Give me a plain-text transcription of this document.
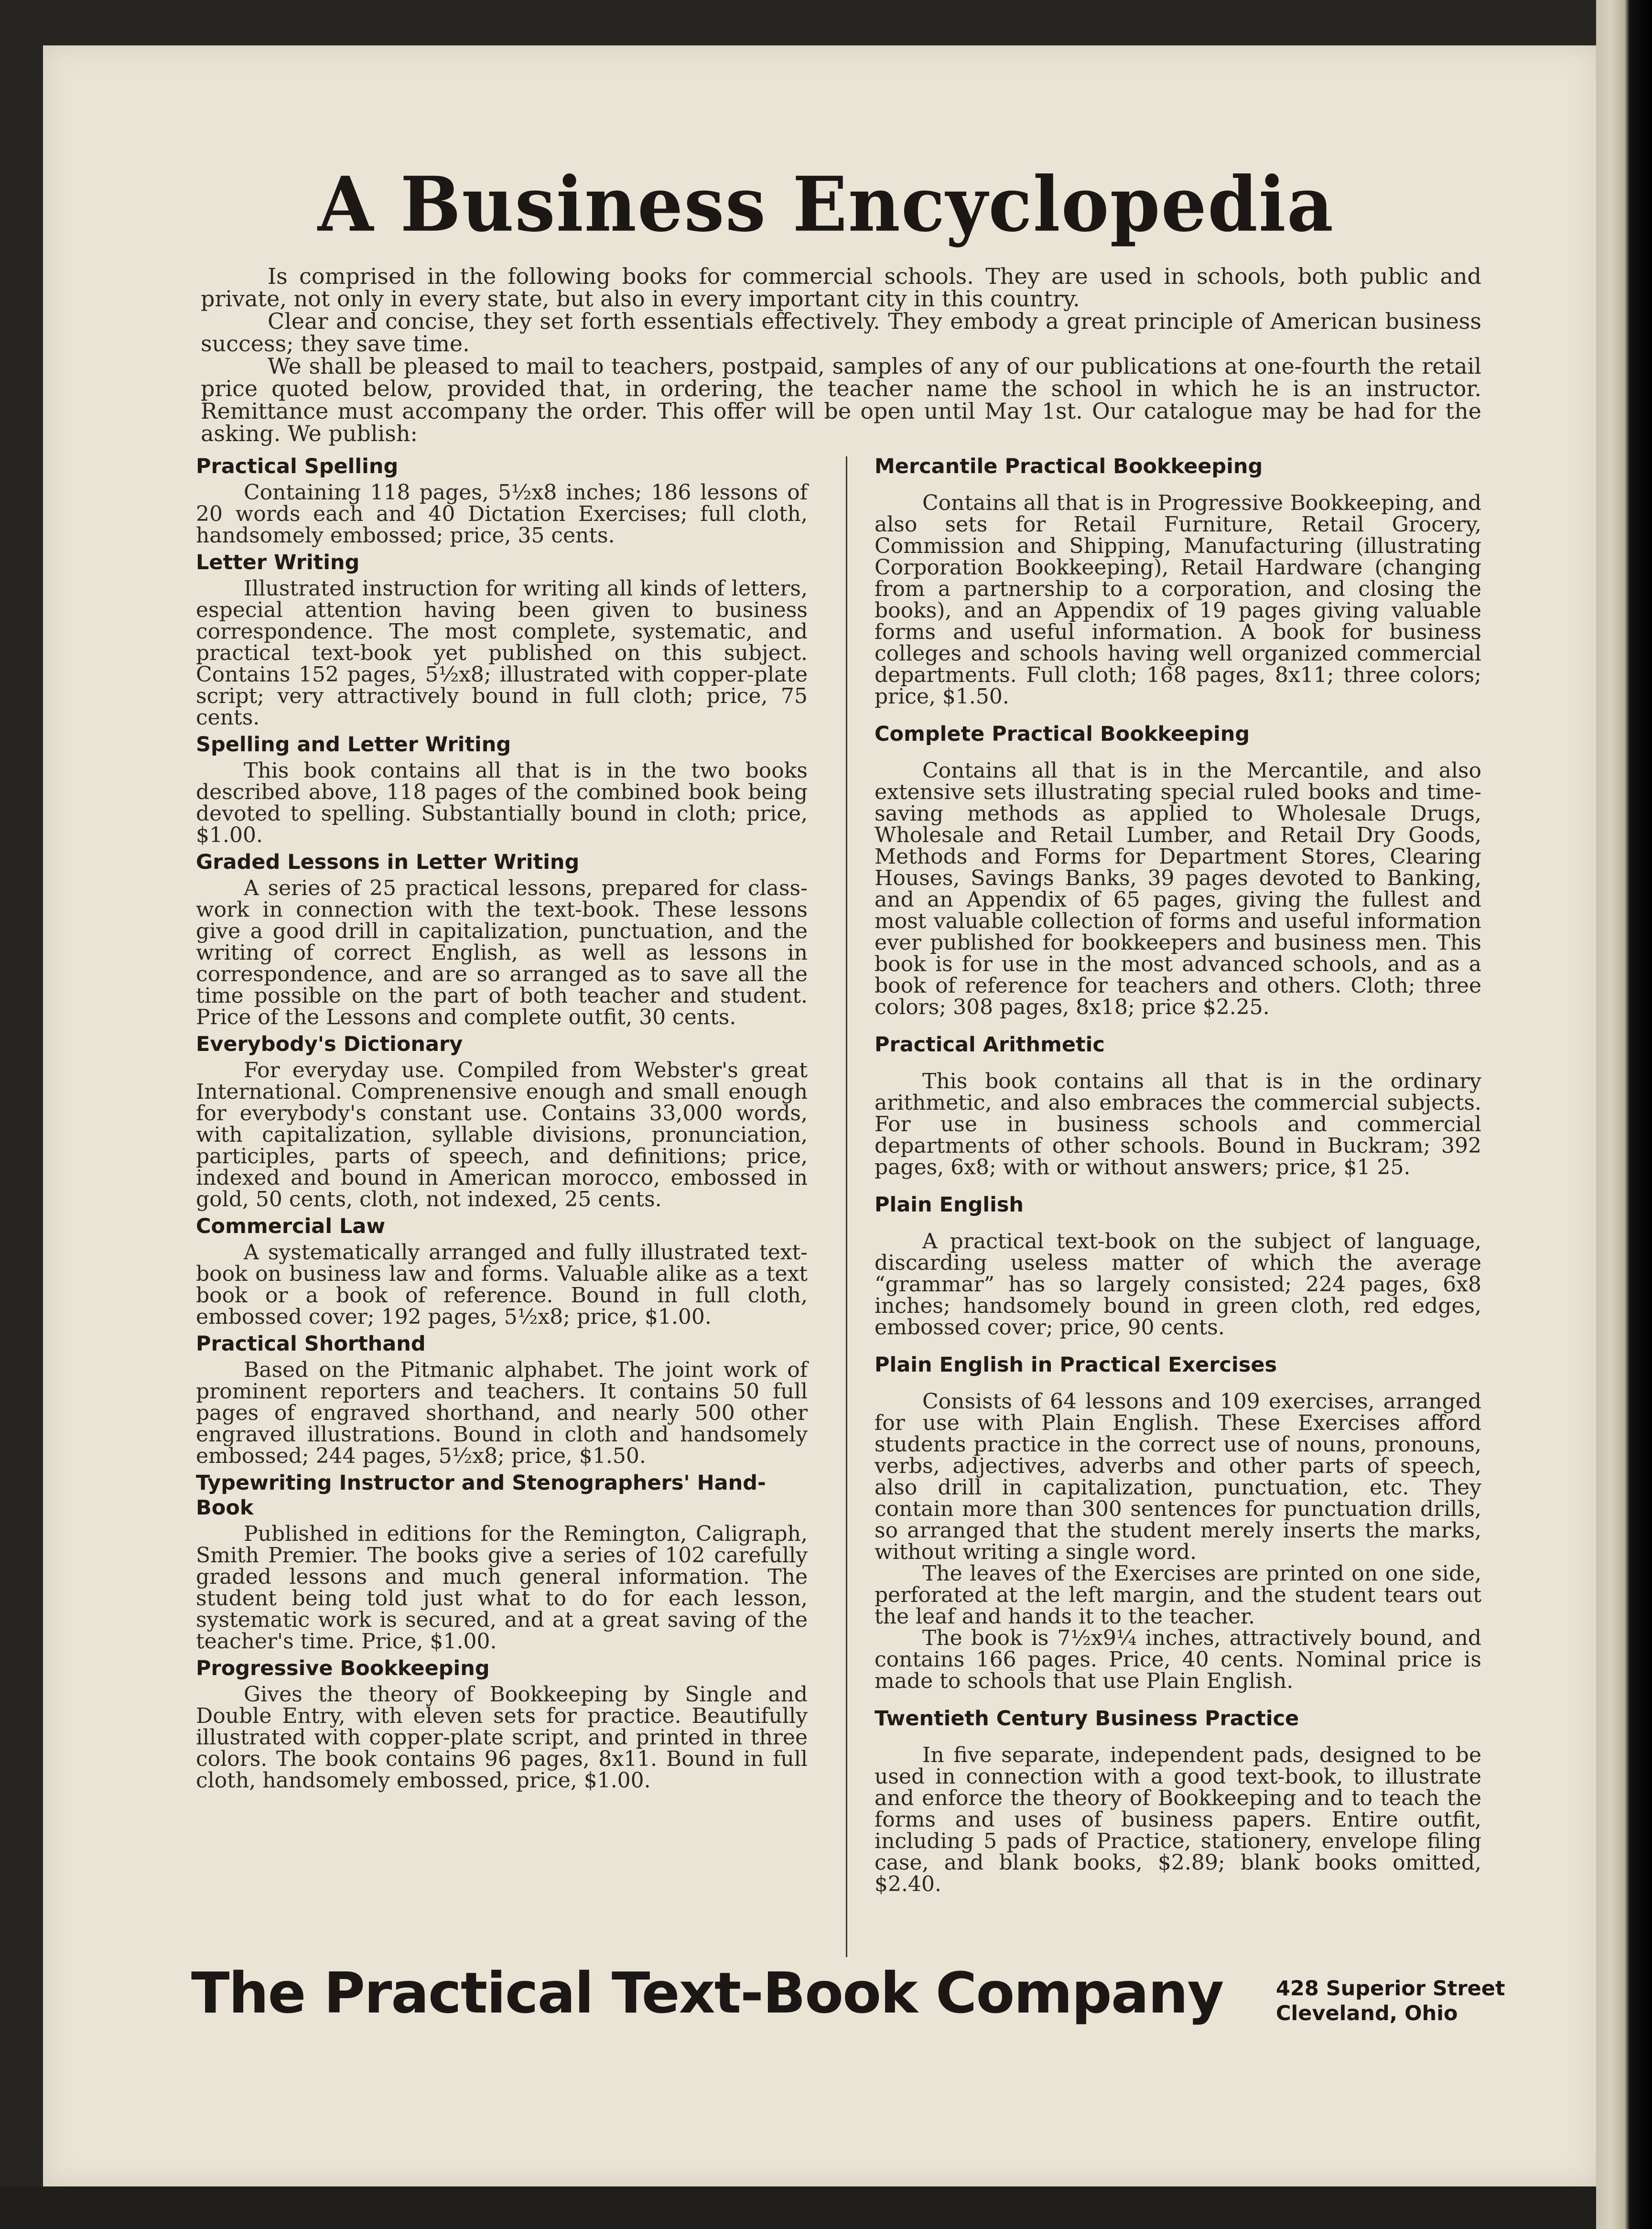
A Business Encyclopedia

Is comprised in the following books for commercial schools. They are used in schools, both public and private, not only in every state, but also in every important city in this country.

Clear and concise, they set forth essentials effectively. They embody a great principle of American business success; they save time.

We shall be pleased to mail to teachers, postpaid, samples of any of our publications at one-fourth the retail price quoted below, provided that, in ordering, the teacher name the school in which he is an instructor. Remittance must accompany the order. This offer will be open until May 1st. Our catalogue may be had for the asking. We publish:

Practical Spelling

Containing 118 pages, 5½x8 inches; 186 lessons of 20 words each and 40 Dictation Exercises; full cloth, handsomely embossed; price, 35 cents.

Letter Writing

Illustrated instruction for writing all kinds of letters, especial attention having been given to business correspondence. The most complete, systematic, and practical text-book yet published on this subject. Contains 152 pages, 5½x8; illustrated with copper-plate script; very attractively bound in full cloth; price, 75 cents.

Spelling and Letter Writing

This book contains all that is in the two books described above, 118 pages of the combined book being devoted to spelling. Substantially bound in cloth; price, $1.00.

Graded Lessons in Letter Writing

A series of 25 practical lessons, prepared for class-work in connection with the text-book. These lessons give a good drill in capitalization, punctuation, and the writing of correct English, as well as lessons in correspondence, and are so arranged as to save all the time possible on the part of both teacher and student. Price of the Lessons and complete outfit, 30 cents.

Everybody's Dictionary

For everyday use. Compiled from Webster's great International. Comprenensive enough and small enough for everybody's constant use. Contains 33,000 words, with capitalization, syllable divisions, pronunciation, participles, parts of speech, and definitions; price, indexed and bound in American morocco, embossed in gold, 50 cents, cloth, not indexed, 25 cents.

Commercial Law

A systematically arranged and fully illustrated text-book on business law and forms. Valuable alike as a text book or a book of reference. Bound in full cloth, embossed cover; 192 pages, 5½x8; price, $1.00.

Practical Shorthand

Based on the Pitmanic alphabet. The joint work of prominent reporters and teachers. It contains 50 full pages of engraved shorthand, and nearly 500 other engraved illustrations. Bound in cloth and handsomely embossed; 244 pages, 5½x8; price, $1.50.

Typewriting Instructor and Stenographers' Hand-Book

Published in editions for the Remington, Caligraph, Smith Premier. The books give a series of 102 carefully graded lessons and much general information. The student being told just what to do for each lesson, systematic work is secured, and at a great saving of the teacher's time. Price, $1.00.

Progressive Bookkeeping

Gives the theory of Bookkeeping by Single and Double Entry, with eleven sets for practice. Beautifully illustrated with copper-plate script, and printed in three colors. The book contains 96 pages, 8x11. Bound in full cloth, handsomely embossed, price, $1.00.

Mercantile Practical Bookkeeping

Contains all that is in Progressive Bookkeeping, and also sets for Retail Furniture, Retail Grocery, Commission and Shipping, Manufacturing (illustrating Corporation Bookkeeping), Retail Hardware (changing from a partnership to a corporation, and closing the books), and an Appendix of 19 pages giving valuable forms and useful information. A book for business colleges and schools having well organized commercial departments. Full cloth; 168 pages, 8x11; three colors; price, $1.50.

Complete Practical Bookkeeping

Contains all that is in the Mercantile, and also extensive sets illustrating special ruled books and time-saving methods as applied to Wholesale Drugs, Wholesale and Retail Lumber, and Retail Dry Goods, Methods and Forms for Department Stores, Clearing Houses, Savings Banks, 39 pages devoted to Banking, and an Appendix of 65 pages, giving the fullest and most valuable collection of forms and useful information ever published for bookkeepers and business men. This book is for use in the most advanced schools, and as a book of reference for teachers and others. Cloth; three colors; 308 pages, 8x18; price $2.25.

Practical Arithmetic

This book contains all that is in the ordinary arithmetic, and also embraces the commercial subjects. For use in business schools and commercial departments of other schools. Bound in Buckram; 392 pages, 6x8; with or without answers; price, $1 25.

Plain English

A practical text-book on the subject of language, discarding useless matter of which the average “grammar” has so largely consisted; 224 pages, 6x8 inches; handsomely bound in green cloth, red edges, embossed cover; price, 90 cents.

Plain English in Practical Exercises

Consists of 64 lessons and 109 exercises, arranged for use with Plain English. These Exercises afford students practice in the correct use of nouns, pronouns, verbs, adjectives, adverbs and other parts of speech, also drill in capitalization, punctuation, etc. They contain more than 300 sentences for punctuation drills, so arranged that the student merely inserts the marks, without writing a single word.

The leaves of the Exercises are printed on one side, perforated at the left margin, and the student tears out the leaf and hands it to the teacher.

The book is 7½x9¼ inches, attractively bound, and contains 166 pages. Price, 40 cents. Nominal price is made to schools that use Plain English.

Twentieth Century Business Practice

In five separate, independent pads, designed to be used in connection with a good text-book, to illustrate and enforce the theory of Bookkeeping and to teach the forms and uses of business papers. Entire outfit, including 5 pads of Practice, stationery, envelope filing case, and blank books, $2.89; blank books omitted, $2.40.

The Practical Text-Book Company	428 Superior Street
Cleveland, Ohio
